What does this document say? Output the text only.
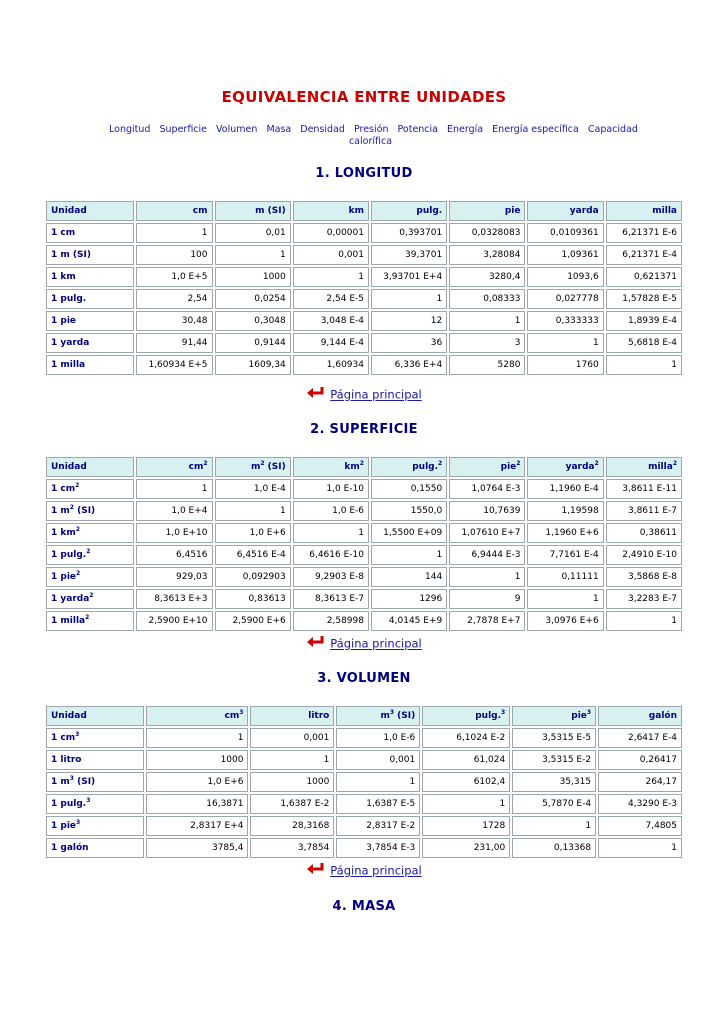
EQUIVALENCIA ENTRE UNIDADES
Longitud Superficie Volumen Masa Densidad Presión Potencia Energía Energía específica Capacidad calorífica
1. LONGITUD
Unidad	cm	m (SI)	km	pulg.	pie	yarda	milla
1 cm	1	0,01	0,00001	0,393701	0,0328083	0,0109361	6,21371 E-6
1 m (SI)	100	1	0,001	39,3701	3,28084	1,09361	6,21371 E-4
1 km	1,0 E+5	1000	1	3,93701 E+4	3280,4	1093,6	0,621371
1 pulg.	2,54	0,0254	2,54 E-5	1	0,08333	0,027778	1,57828 E-5
1 pie	30,48	0,3048	3,048 E-4	12	1	0,333333	1,8939 E-4
1 yarda	91,44	0,9144	9,144 E-4	36	3	1	5,6818 E-4
1 milla	1,60934 E+5	1609,34	1,60934	6,336 E+4	5280	1760	1
Página principal
2. SUPERFICIE
Unidad	$cm^2$	$m^2$ (SI)	$km^2$	pulg.$^2$	pie$^2$	yarda$^2$	milla$^2$
1 $cm^2$	1	1,0 E-4	1,0 E-10	0,1550	1,0764 E-3	1,1960 E-4	3,8611 E-11
1 $m^2$ (SI)	1,0 E+4	1	1,0 E-6	1550,0	10,7639	1,19598	3,8611 E-7
1 $km^2$	1,0 E+10	1,0 E+6	1	1,5500 E+09	1,07610 E+7	1,1960 E+6	0,38611
1 pulg.$^2$	6,4516	6,4516 E-4	6,4616 E-10	1	6,9444 E-3	7,7161 E-4	2,4910 E-10
1 pie$^2$	929,03	0,092903	9,2903 E-8	144	1	0,11111	3,5868 E-8
1 yarda$^2$	8,3613 E+3	0,83613	8,3613 E-7	1296	9	1	3,2283 E-7
1 milla$^2$	2,5900 E+10	2,5900 E+6	2,58998	4,0145 E+9	2,7878 E+7	3,0976 E+6	1
Página principal
3. VOLUMEN
Unidad	$cm^3$	litro	$m^3$ (SI)	pulg.$^3$	pie$^3$	galón
1 $cm^3$	1	0,001	1,0 E-6	6,1024 E-2	3,5315 E-5	2,6417 E-4
1 litro	1000	1	0,001	61,024	3,5315 E-2	0,26417
1 $m^3$ (SI)	1,0 E+6	1000	1	6102,4	35,315	264,17
1 pulg.$^3$	16,3871	1,6387 E-2	1,6387 E-5	1	5,7870 E-4	4,3290 E-3
1 pie$^3$	2,8317 E+4	28,3168	2,8317 E-2	1728	1	7,4805
1 galón	3785,4	3,7854	3,7854 E-3	231,00	0,13368	1
Página principal
4. MASA
